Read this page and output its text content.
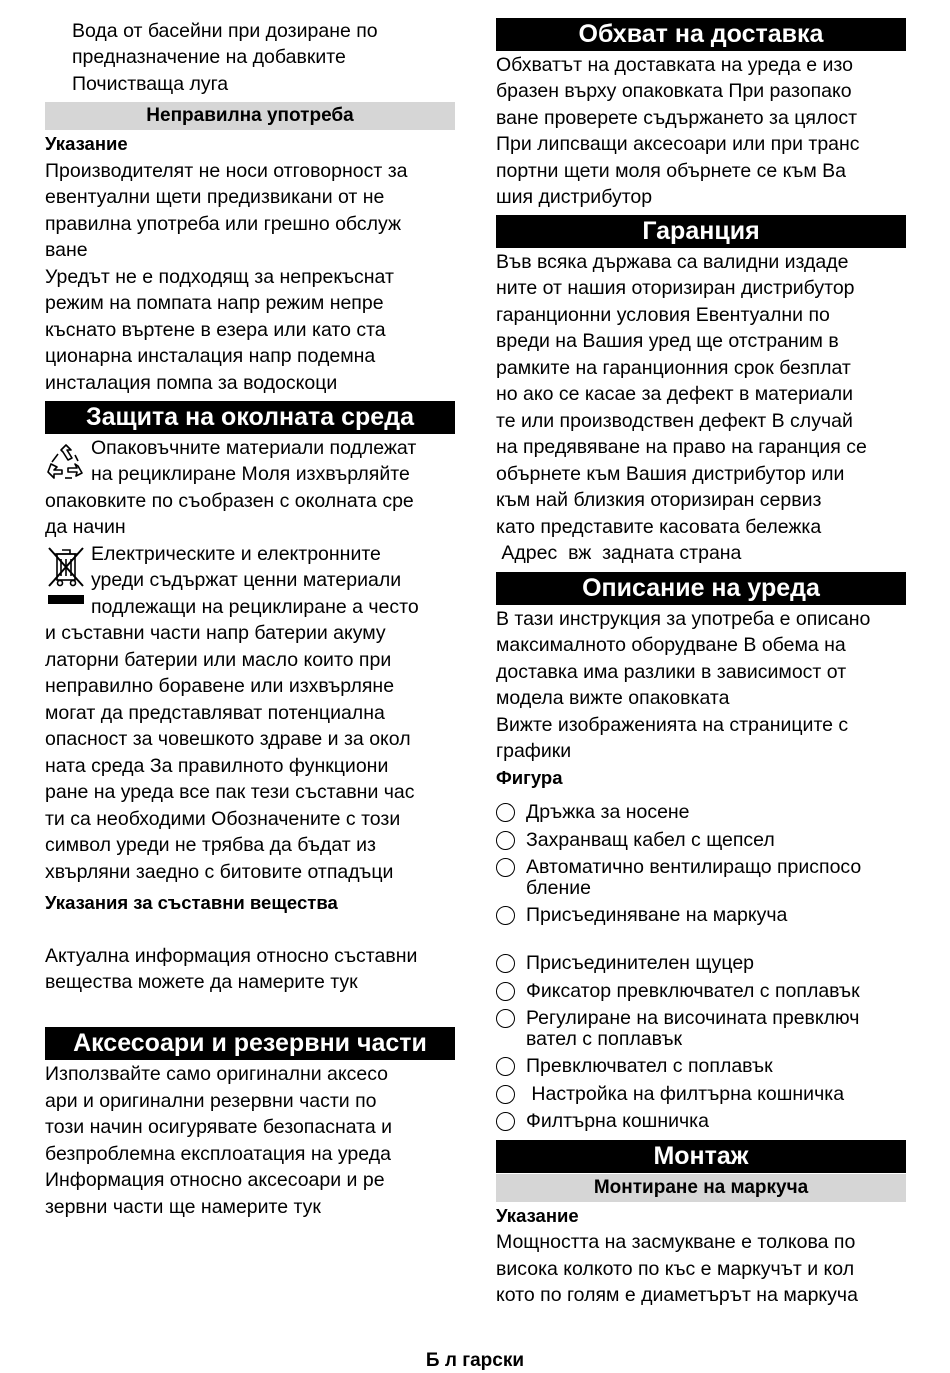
Вода от басейни при дозиране по
предназначение на добавките
Почистваща луга
Неправилна употреба
Указание
Производителят не носи отговорност за
евентуални щети предизвикани от не
правилна употреба или грешно обслуж
ване
Уредът не е подходящ за непрекъснат
режим на помпата напр режим непре
къснато въртене в езера или като ста
ционарна инсталация напр подемна
инсталация помпа за водоскоци
Защита на околната среда
Опаковъчните материали подлежат
на рециклиране Моля изхвърляйте
опаковките по съобразен с околната сре
да начин
Електрическите и електронните
уреди съдържат ценни материали
подлежащи на рециклиране а често
и съставни части напр батерии акуму
латорни батерии или масло които при
неправилно боравене или изхвърляне
могат да представляват потенциална
опасност за човешкото здраве и за окол
ната среда За правилното функциони
ране на уреда все пак тези съставни час
ти са необходими Обозначените с този
символ уреди не трябва да бъдат из
хвърляни заедно с битовите отпадъци
Указания за съставни вещества
Актуална информация относно съставни
вещества можете да намерите тук
Аксесоари и резервни части
Използвайте само оригинални аксесо
ари и оригинални резервни части по
този начин осигурявате безопасната и
безпроблемна експлоатация на уреда
Информация относно аксесоари и ре
зервни части ще намерите тук
Обхват на доставка
Обхватът на доставката на уреда е изо
бразен върху опаковката При разопако
ване проверете съдържането за цялост
При липсващи аксесоари или при транс
портни щети моля обърнете се към Ва
шия дистрибутор
Гаранция
Във всяка държава са валидни издаде
ните от нашия оторизиран дистрибутор
гаранционни условия Евентуални по
вреди на Вашия уред ще отстраним в
рамките на гаранционния срок безплат
но ако се касае за дефект в материали
те или производствен дефект В случай
на предявяване на право на гаранция се
обърнете към Вашия дистрибутор или
към най близкия оторизиран сервиз
като представите касовата бележка
Адрес  вж  задната страна
Описание на уреда
В тази инструкция за употреба е описано
максималното оборудване В обема на
доставка има разлики в зависимост от
модела вижте опаковката
Вижте изображенията на страниците с
графики
Фигура
Дръжка за носене
Захранващ кабел с щепсел
Автоматично вентилиращо приспосо
бление
Присъединяване на маркуча
Присъединителен щуцер
Фиксатор превключвател с поплавък
Регулиране на височината превключ
вател с поплавък
Превключвател с поплавък
Настройка на филтърна кошничка
Филтърна кошничка
Монтаж
Монтиране на маркуча
Указание
Мощността на засмукване е толкова по
висока колкото по къс е маркучът и кол
кото по голям е диаметърът на маркуча
Б л гарски
